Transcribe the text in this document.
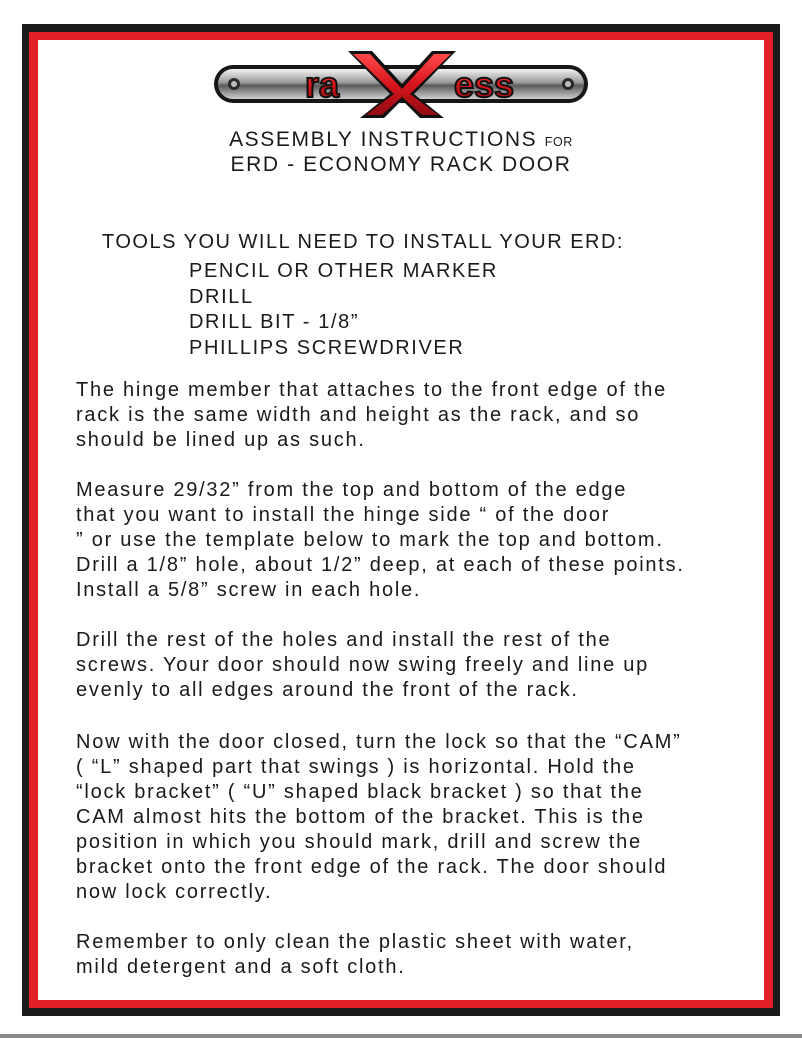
ra	ess
ASSEMBLY INSTRUCTIONS FOR
ERD - ECONOMY RACK DOOR
TOOLS YOU WILL NEED TO INSTALL YOUR ERD:
PENCIL OR OTHER MARKER
DRILL
DRILL BIT - 1/8”
PHILLIPS SCREWDRIVER

The hinge member that attaches to the front edge of the
rack is the same width and height as the rack, and so
should be lined up as such.

Measure 29/32” from the top and bottom of the edge
that you want to install the hinge side “ of the door
” or use the template below to mark the top and bottom.
Drill a 1/8” hole, about 1/2” deep, at each of these points.
Install a 5/8” screw in each hole.

Drill the rest of the holes and install the rest of the
screws. Your door should now swing freely and line up
evenly to all edges around the front of the rack.

Now with the door closed, turn the lock so that the “CAM”
( “L” shaped part that swings ) is horizontal. Hold the
“lock bracket” ( “U” shaped black bracket ) so that the
CAM almost hits the bottom of the bracket. This is the
position in which you should mark, drill and screw the
bracket onto the front edge of the rack. The door should
now lock correctly.

Remember to only clean the plastic sheet with water,
mild detergent and a soft cloth.
